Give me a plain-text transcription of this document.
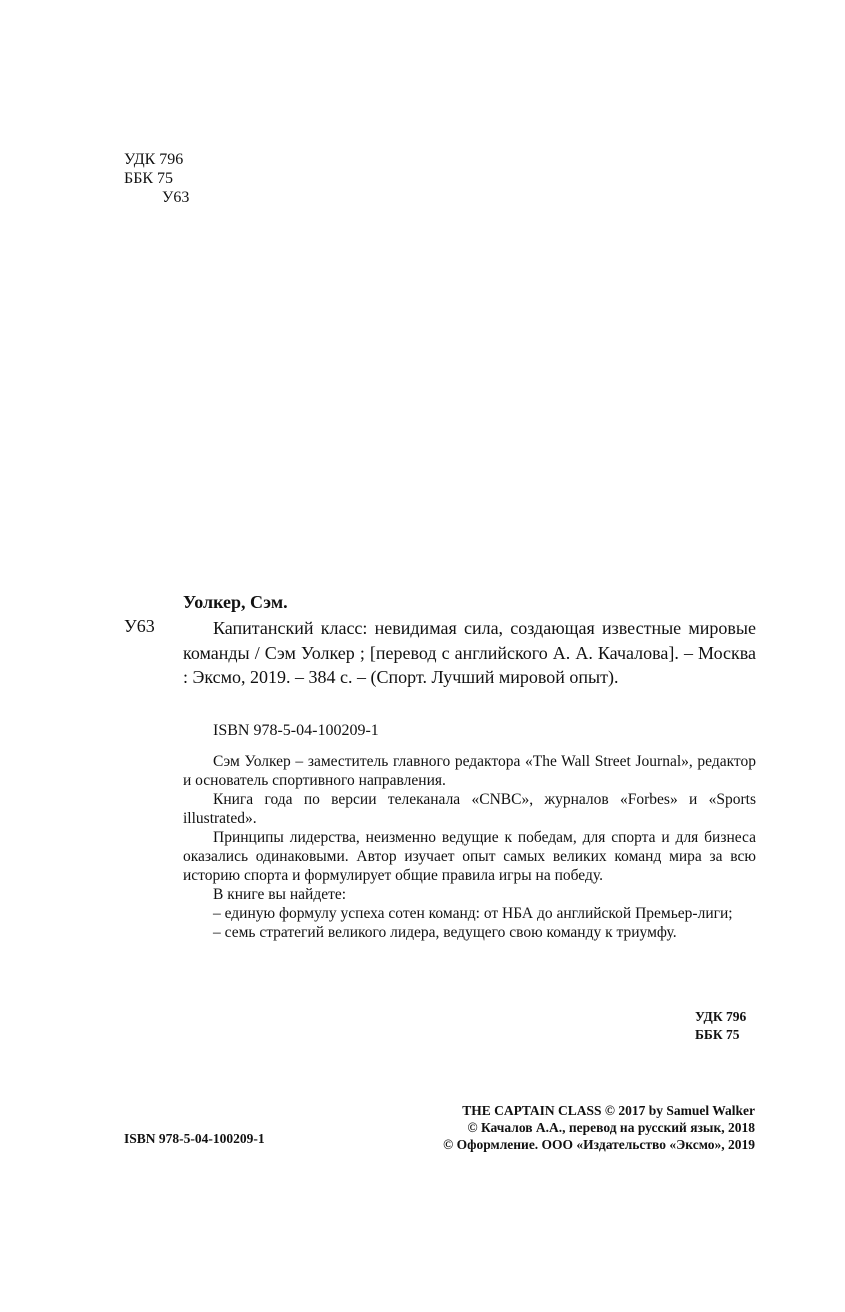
УДК 796
ББК 75
У63
Уолкер, Сэм.
У63	Капитанский класс: невидимая сила, создающая известные мировые команды / Сэм Уолкер ; [перевод с английского А. А. Качалова]. – Москва : Эксмо, 2019. – 384 с. – (Спорт. Лучший мировой опыт).

ISBN 978-5-04-100209-1

Сэм Уолкер – заместитель главного редактора «The Wall Street Journal», редактор и основатель спортивного направления.

Книга года по версии телеканала «CNBC», журналов «Forbes» и «Sports illustrated».

Принципы лидерства, неизменно ведущие к победам, для спорта и для бизнеса оказались одинаковыми. Автор изучает опыт самых великих команд мира за всю историю спорта и формулирует общие правила игры на победу.

В книге вы найдете:

– единую формулу успеха сотен команд: от НБА до английской Премьер-лиги;

– семь стратегий великого лидера, ведущего свою команду к триумфу.

УДК 796
ББК 75
THE CAPTAIN CLASS © 2017 by Samuel Walker
© Качалов А.А., перевод на русский язык, 2018
© Оформление. ООО «Издательство «Эксмо», 2019
ISBN 978-5-04-100209-1
